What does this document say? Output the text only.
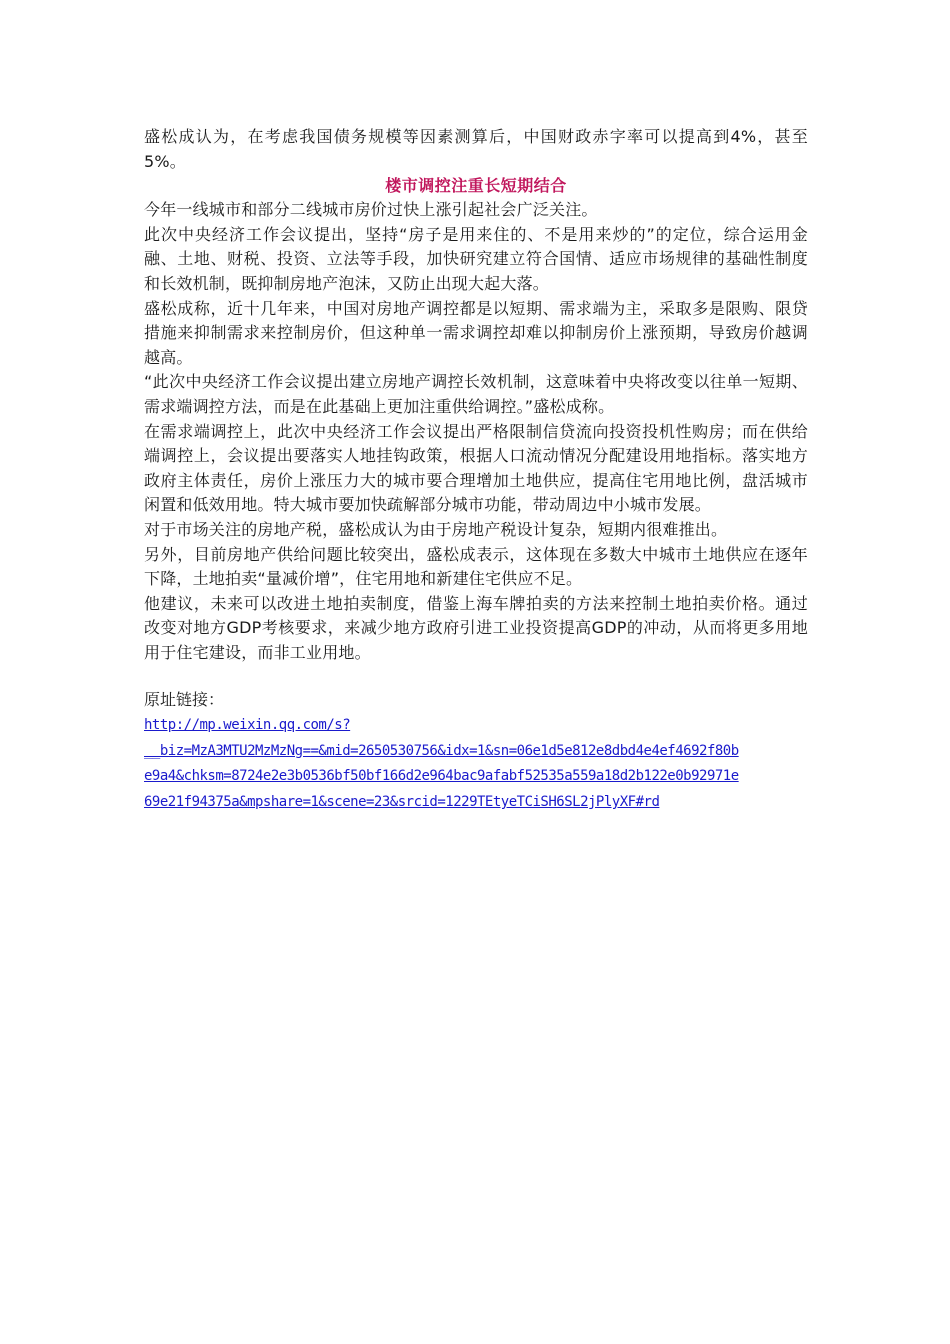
盛松成认为，在考虑我国债务规模等因素测算后，中国财政赤字率可以提高到4%，甚至5%。

楼市调控注重长短期结合

今年一线城市和部分二线城市房价过快上涨引起社会广泛关注。

此次中央经济工作会议提出，坚持“房子是用来住的、不是用来炒的”的定位，综合运用金融、土地、财税、投资、立法等手段，加快研究建立符合国情、适应市场规律的基础性制度和长效机制，既抑制房地产泡沫，又防止出现大起大落。

盛松成称，近十几年来，中国对房地产调控都是以短期、需求端为主，采取多是限购、限贷措施来抑制需求来控制房价，但这种单一需求调控却难以抑制房价上涨预期，导致房价越调越高。

“此次中央经济工作会议提出建立房地产调控长效机制，这意味着中央将改变以往单一短期、需求端调控方法，而是在此基础上更加注重供给调控。”盛松成称。

在需求端调控上，此次中央经济工作会议提出严格限制信贷流向投资投机性购房；而在供给端调控上，会议提出要落实人地挂钩政策，根据人口流动情况分配建设用地指标。落实地方政府主体责任，房价上涨压力大的城市要合理增加土地供应，提高住宅用地比例，盘活城市闲置和低效用地。特大城市要加快疏解部分城市功能，带动周边中小城市发展。

对于市场关注的房地产税，盛松成认为由于房地产税设计复杂，短期内很难推出。

另外，目前房地产供给问题比较突出，盛松成表示，这体现在多数大中城市土地供应在逐年下降，土地拍卖“量减价增”，住宅用地和新建住宅供应不足。

他建议，未来可以改进土地拍卖制度，借鉴上海车牌拍卖的方法来控制土地拍卖价格。通过改变对地方GDP考核要求，来减少地方政府引进工业投资提高GDP的冲动，从而将更多用地用于住宅建设，而非工业用地。

原址链接：

http://mp.weixin.qq.com/s?
__biz=MzA3MTU2MzMzNg==&mid=2650530756&idx=1&sn=06e1d5e812e8dbd4e4ef4692f80b
e9a4&chksm=8724e2e3b0536bf50bf166d2e964bac9afabf52535a559a18d2b122e0b92971e
69e21f94375a&mpshare=1&scene=23&srcid=1229TEtyeTCiSH6SL2jPlyXF#rd
